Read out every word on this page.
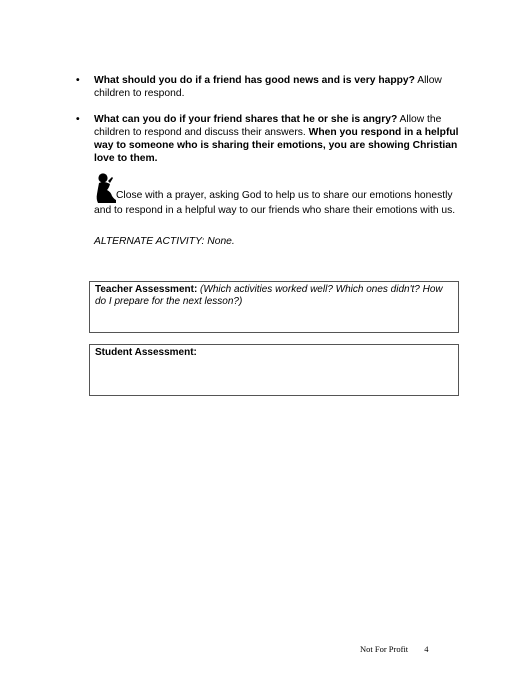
• What should you do if a friend has good news and is very happy? Allow children to respond.
• What can you do if your friend shares that he or she is angry? Allow the children to respond and discuss their answers. When you respond in a helpful way to someone who is sharing their emotions, you are showing Christian love to them.
Close with a prayer, asking God to help us to share our emotions honestly
and to respond in a helpful way to our friends who share their emotions with us.
ALTERNATE ACTIVITY: None.
Teacher Assessment: (Which activities worked well? Which ones didn't? How do I prepare for the next lesson?)
Student Assessment:
Not For Profit 4
